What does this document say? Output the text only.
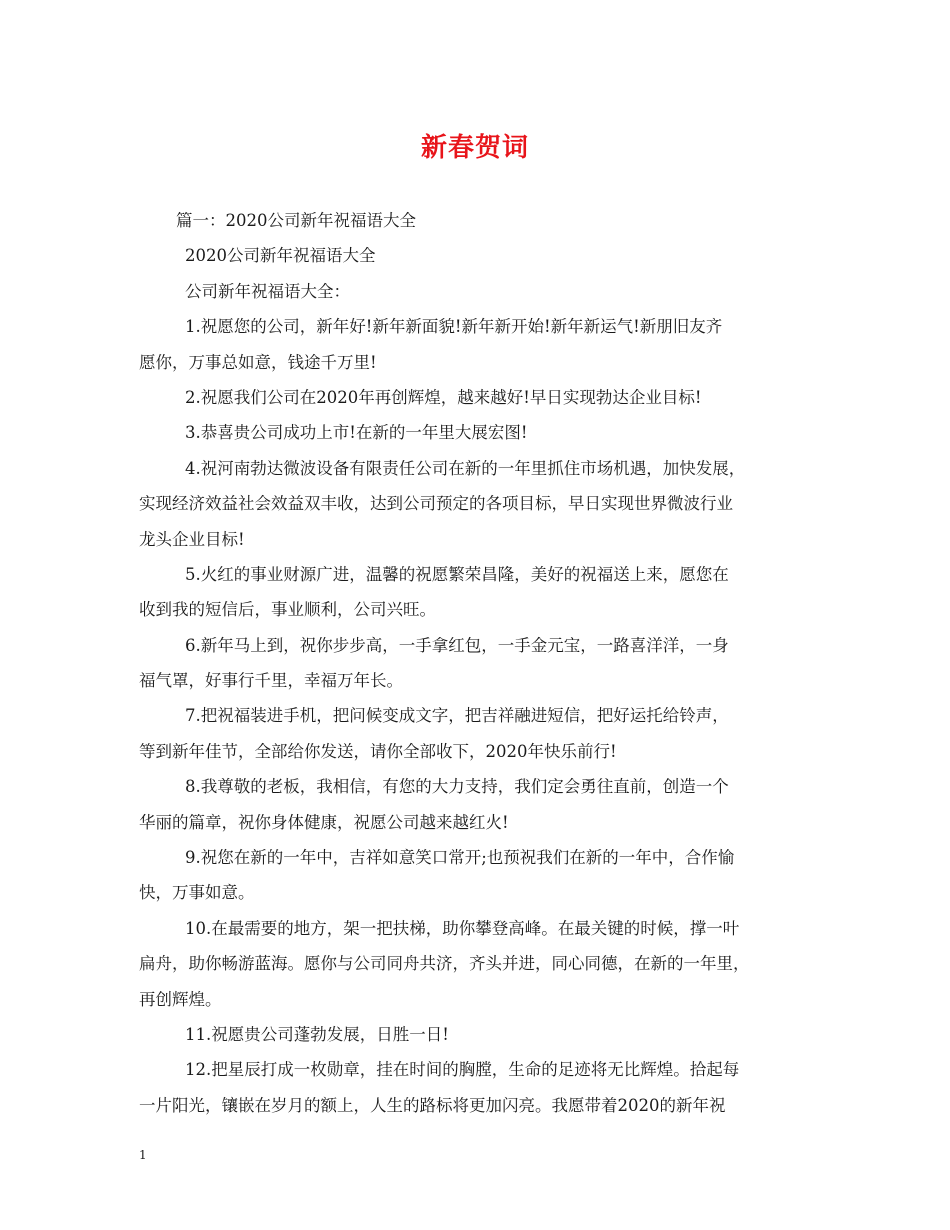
新春贺词
篇一：2020公司新年祝福语大全
2020公司新年祝福语大全
公司新年祝福语大全：
1.祝愿您的公司，新年好!新年新面貌!新年新开始!新年新运气!新朋旧友齐
愿你，万事总如意，钱途千万里!
2.祝愿我们公司在2020年再创辉煌，越来越好!早日实现勃达企业目标!
3.恭喜贵公司成功上市!在新的一年里大展宏图!
4.祝河南勃达微波设备有限责任公司在新的一年里抓住市场机遇，加快发展，
实现经济效益社会效益双丰收，达到公司预定的各项目标，早日实现世界微波行业
龙头企业目标!
5.火红的事业财源广进，温馨的祝愿繁荣昌隆，美好的祝福送上来，愿您在
收到我的短信后，事业顺利，公司兴旺。
6.新年马上到，祝你步步高，一手拿红包，一手金元宝，一路喜洋洋，一身
福气罩，好事行千里，幸福万年长。
7.把祝福装进手机，把问候变成文字，把吉祥融进短信，把好运托给铃声，
等到新年佳节，全部给你发送，请你全部收下，2020年快乐前行!
8.我尊敬的老板，我相信，有您的大力支持，我们定会勇往直前，创造一个
华丽的篇章，祝你身体健康，祝愿公司越来越红火!
9.祝您在新的一年中，吉祥如意笑口常开;也预祝我们在新的一年中，合作愉
快，万事如意。
10.在最需要的地方，架一把扶梯，助你攀登高峰。在最关键的时候，撑一叶
扁舟，助你畅游蓝海。愿你与公司同舟共济，齐头并进，同心同德，在新的一年里，
再创辉煌。
11.祝愿贵公司蓬勃发展，日胜一日!
12.把星辰打成一枚勋章，挂在时间的胸膛，生命的足迹将无比辉煌。拾起每
一片阳光，镶嵌在岁月的额上，人生的路标将更加闪亮。我愿带着2020的新年祝
1
